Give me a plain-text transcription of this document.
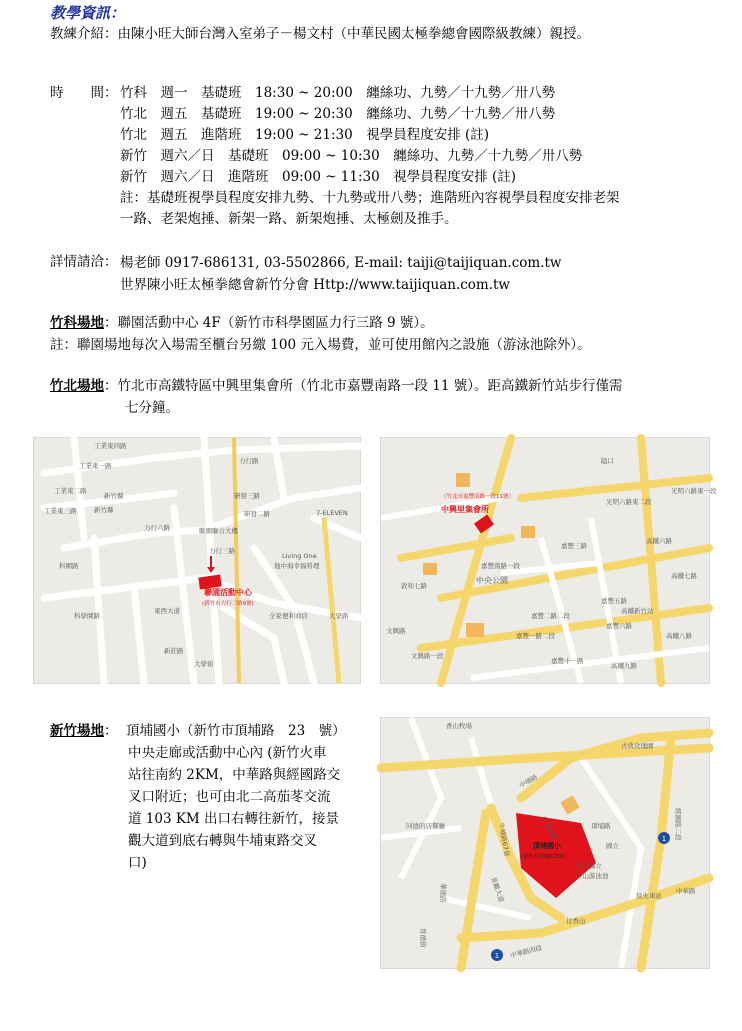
教學資訊：
教練介紹：由陳小旺大師台灣入室弟子－楊文村（中華民國太極拳總會國際級教練）親授。
時　　間： 竹科　週一　基礎班　18:30 ~ 20:00　纏絲功、九勢／十九勢／卅八勢
竹北　週五　基礎班　19:00 ~ 20:30　纏絲功、九勢／十九勢／卅八勢
竹北　週五　進階班　19:00 ~ 21:30　視學員程度安排 (註)
新竹　週六／日　基礎班　09:00 ~ 10:30　纏絲功、九勢／十九勢／卅八勢
新竹　週六／日　進階班　09:00 ~ 11:30　視學員程度安排 (註)
註：基礎班視學員程度安排九勢、十九勢或卅八勢；進階班內容視學員程度安排老架
一路、老架炮捶、新架一路、新架炮捶、太極劍及推手。
詳情請洽： 楊老師 0917-686131, 03-5502866, E-mail: taiji@taijiquan.com.tw
世界陳小旺太極拳總會新竹分會 Http://www.taijiquan.com.tw
竹科場地：聯園活動中心 4F（新竹市科學園區力行三路 9 號）。
註：聯園場地每次入場需至櫃台另繳 100 元入場費，並可使用館內之設施（游泳池除外）。
竹北場地：竹北市高鐵特區中興里集會所（竹北市嘉豐南路一段 11 號）。距高鐵新竹站步行僅需
七分鐘。
聯園活動中心
(新竹市力行三路9號)
力行三路
力行路
力行六路
工業東一路
工業東二路
工業東三路
工業東四路
新竹縣
新竹縣
科園路
聯園聯合大樓
Living One
地中海幸福料理
7-ELEVEN
全家便利商店	大學路
東西大道
科學園路
研發三路
研發二路
新莊路
大學街
中興里集會所
（竹北市嘉豐南路一段11號）
中央公園
光明六路東二段
光明六路東一段
文興路
文興路一段
嘉豐南路一段
嘉豐二路二段
嘉豐十一路
嘉豐五路
嘉豐六路
嘉豐一路二段
嘉豐三路
高鐵新竹站
高鐵六路
高鐵七路
高鐵八路
高鐵九路
敦和七路
隘口
新竹場地： 頂埔國小（新竹市頂埔路　23　號）
中央走廊或活動中心內 (新竹火車
站往南約 2KM，中華路與經國路交
叉口附近；也可由北二高茄苳交流
道 103 KM 出口右轉往新竹，接景
觀大道到底右轉與牛埔東路交叉
口)
頂埔國小
(新竹市頂埔路23號)
1
1
香山牧場
中埔路
古典玫瑰園
經國路二段
中華路
頂埔路
牛埔東路
牛埔路67巷
景觀大道
中華路四段
香山游泳池
新竹縣立
國立
華德路
育德街
同德的店餐廳
往火車站
往香山
